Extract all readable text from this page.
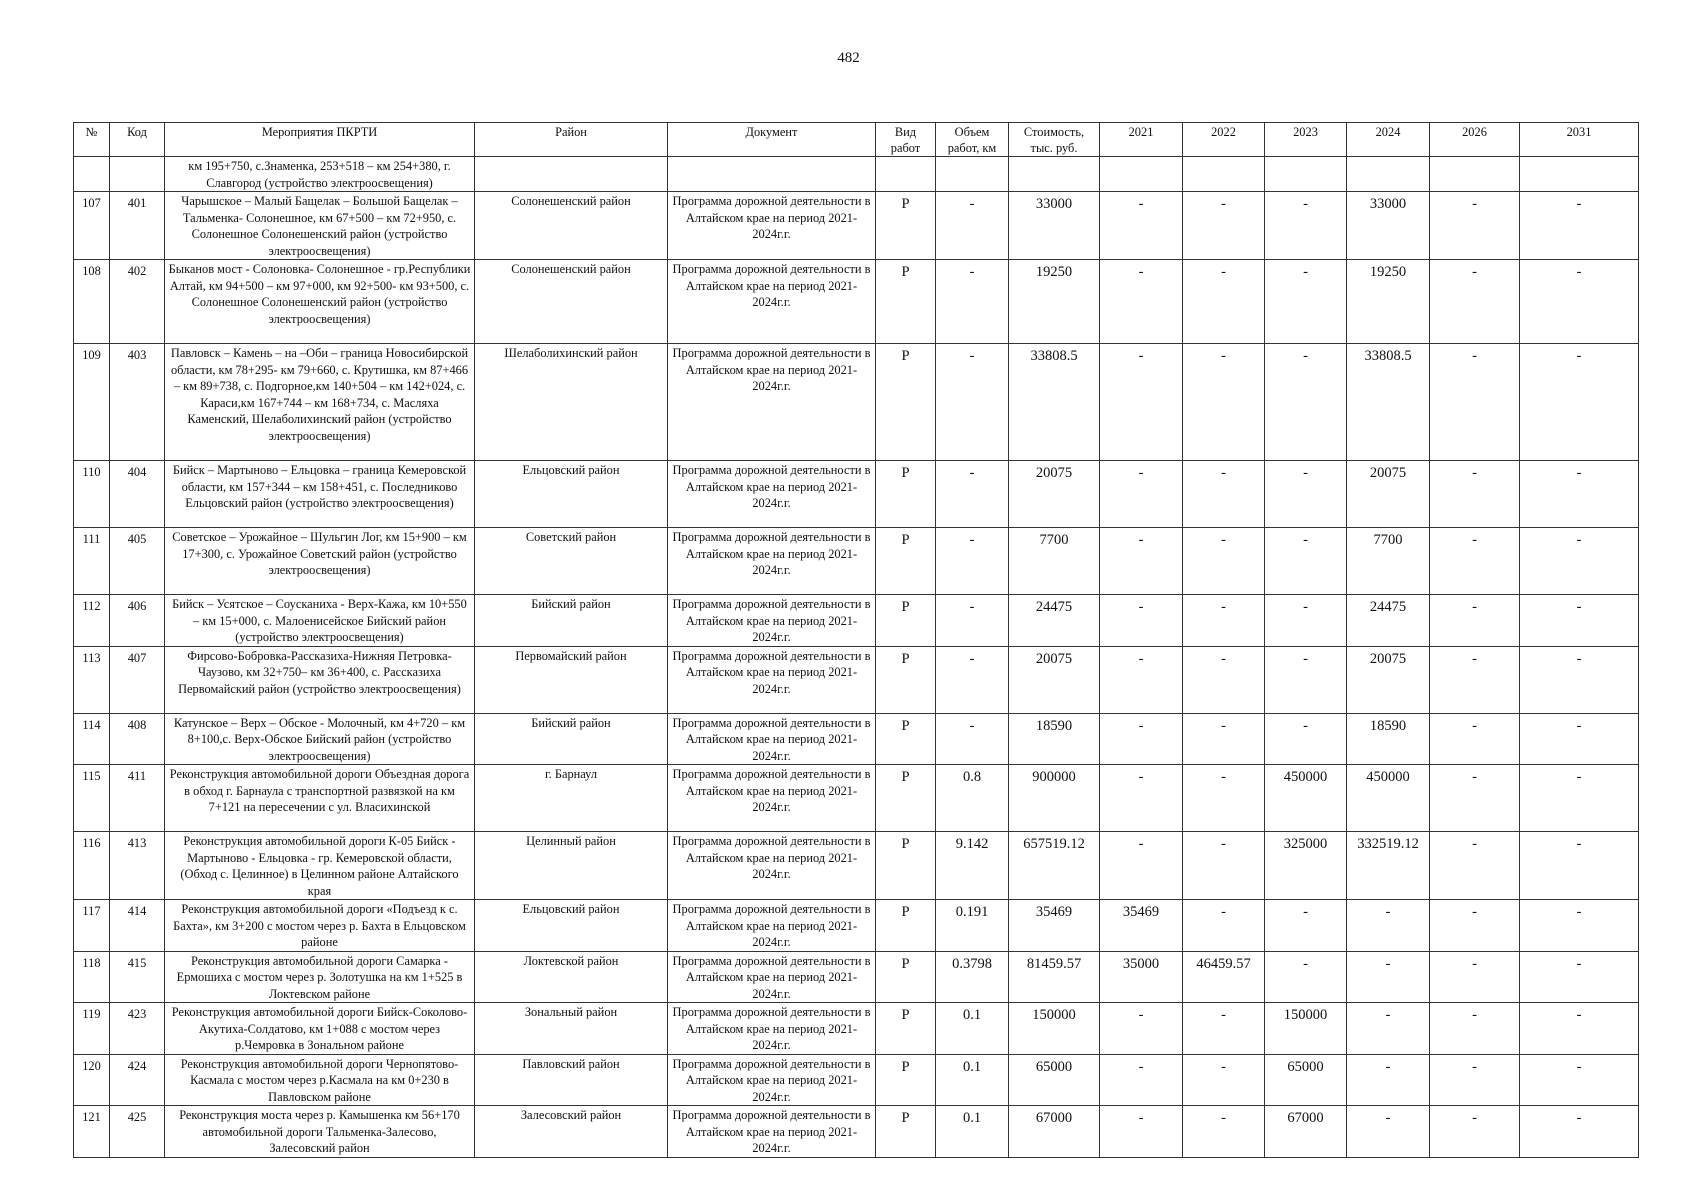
482
№	Код	Мероприятия ПКРТИ	Район	Документ	Вид работ	Объем работ, км	Стоимость, тыс. руб.	2021	2022	2023	2024	2026	2031
		км 195+750, с.Знаменка, 253+518 – км 254+380, г. Славгород (устройство электроосвещения)											
107	401	Чарышское – Малый Бащелак – Большой Бащелак – Тальменка- Солонешное, км 67+500 – км 72+950, с. Солонешное Солонешенский район (устройство электроосвещения)	Солонешенский район	Программа дорожной деятельности в Алтайском крае на период 2021-2024г.г.	Р	-	33000	-	-	-	33000	-	-
108	402	Быканов мост - Солоновка- Солонешное - гр.Республики Алтай, км 94+500 – км 97+000, км 92+500- км 93+500, с. Солонешное Солонешенский район (устройство электроосвещения)	Солонешенский район	Программа дорожной деятельности в Алтайском крае на период 2021-2024г.г.	Р	-	19250	-	-	-	19250	-	-
109	403	Павловск – Камень – на –Оби – граница Новосибирской области, км 78+295- км 79+660, с. Крутишка, км 87+466 – км 89+738, с. Подгорное,км 140+504 – км 142+024, с. Караси,км 167+744 – км 168+734, с. Масляха Каменский, Шелаболихинский район (устройство электроосвещения)	Шелаболихинский район	Программа дорожной деятельности в Алтайском крае на период 2021-2024г.г.	Р	-	33808.5	-	-	-	33808.5	-	-
110	404	Бийск – Мартыново – Ельцовка – граница Кемеровской области, км 157+344 – км 158+451, с. Последниково Ельцовский район (устройство электроосвещения)	Ельцовский район	Программа дорожной деятельности в Алтайском крае на период 2021-2024г.г.	Р	-	20075	-	-	-	20075	-	-
111	405	Советское – Урожайное – Шульгин Лог, км 15+900 – км 17+300, с. Урожайное Советский район (устройство электроосвещения)	Советский район	Программа дорожной деятельности в Алтайском крае на период 2021-2024г.г.	Р	-	7700	-	-	-	7700	-	-
112	406	Бийск – Усятское – Соусканиха - Верх-Кажа, км 10+550 – км 15+000, с. Малоенисейское Бийский район (устройство электроосвещения)	Бийский район	Программа дорожной деятельности в Алтайском крае на период 2021-2024г.г.	Р	-	24475	-	-	-	24475	-	-
113	407	Фирсово-Бобровка-Рассказиха-Нижняя Петровка-Чаузово, км 32+750– км 36+400, с. Рассказиха Первомайский район (устройство электроосвещения)	Первомайский район	Программа дорожной деятельности в Алтайском крае на период 2021-2024г.г.	Р	-	20075	-	-	-	20075	-	-
114	408	Катунское – Верх – Обское - Молочный, км 4+720 – км 8+100,с. Верх-Обское Бийский район (устройство электроосвещения)	Бийский район	Программа дорожной деятельности в Алтайском крае на период 2021-2024г.г.	Р	-	18590	-	-	-	18590	-	-
115	411	Реконструкция автомобильной дороги Объездная дорога в обход г. Барнаула с транспортной развязкой на км 7+121 на пересечении с ул. Власихинской	г. Барнаул	Программа дорожной деятельности в Алтайском крае на период 2021-2024г.г.	Р	0.8	900000	-	-	450000	450000	-	-
116	413	Реконструкция автомобильной дороги К-05 Бийск - Мартыново - Ельцовка - гр. Кемеровской области, (Обход с. Целинное) в Целинном районе Алтайского края	Целинный район	Программа дорожной деятельности в Алтайском крае на период 2021-2024г.г.	Р	9.142	657519.12	-	-	325000	332519.12	-	-
117	414	Реконструкция автомобильной дороги «Подъезд к с. Бахта», км 3+200 с мостом через р. Бахта в Ельцовском районе	Ельцовский район	Программа дорожной деятельности в Алтайском крае на период 2021-2024г.г.	Р	0.191	35469	35469	-	-	-	-	-
118	415	Реконструкция автомобильной дороги Самарка - Ермошиха с мостом через р. Золотушка на км 1+525 в Локтевском районе	Локтевской район	Программа дорожной деятельности в Алтайском крае на период 2021-2024г.г.	Р	0.3798	81459.57	35000	46459.57	-	-	-	-
119	423	Реконструкция автомобильной дороги Бийск-Соколово-Акутиха-Солдатово, км 1+088 с мостом через р.Чемровка в Зональном районе	Зональный район	Программа дорожной деятельности в Алтайском крае на период 2021-2024г.г.	Р	0.1	150000	-	-	150000	-	-	-
120	424	Реконструкция автомобильной дороги Чернопятово-Касмала с мостом через р.Касмала на км 0+230 в Павловском районе	Павловский район	Программа дорожной деятельности в Алтайском крае на период 2021-2024г.г.	Р	0.1	65000	-	-	65000	-	-	-
121	425	Реконструкция моста через р. Камышенка км 56+170 автомобильной дороги Тальменка-Залесово, Залесовский район	Залесовский район	Программа дорожной деятельности в Алтайском крае на период 2021-2024г.г.	Р	0.1	67000	-	-	67000	-	-	-
